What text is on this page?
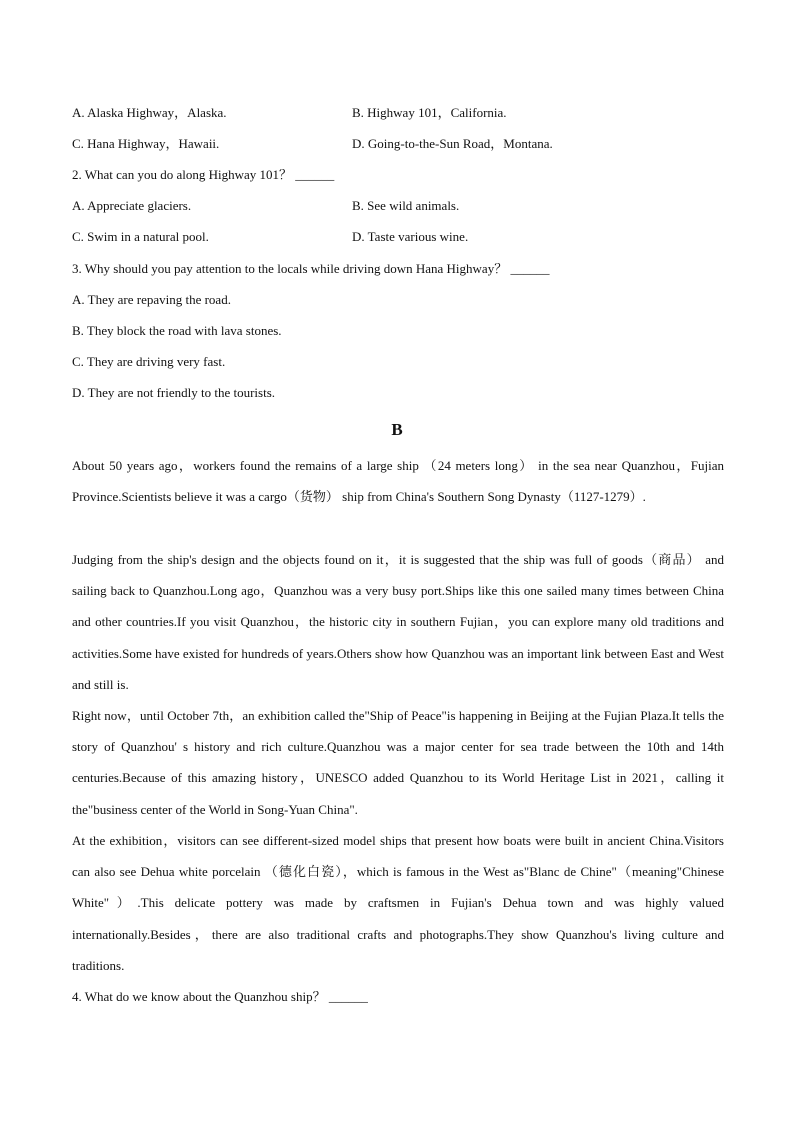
A. Alaska Highway，Alaska.	B. Highway 101，California.
C. Hana Highway，Hawaii.	D. Going-to-the-Sun Road，Montana.
2. What can you do along Highway 101？ ______
A. Appreciate glaciers.	B. See wild animals.
C. Swim in a natural pool.	D. Taste various wine.
3. Why should you pay attention to the locals while driving down Hana Highway？ ______
A. They are repaving the road.
B. They block the road with lava stones.
C. They are driving very fast.
D. They are not friendly to the tourists.
B
About 50 years ago，workers found the remains of a large ship （24 meters long） in the sea near Quanzhou，Fujian Province.Scientists believe it was a cargo（货物） ship from China's Southern Song Dynasty（1127-1279）.
Judging from the ship's design and the objects found on it，it is suggested that the ship was full of goods（商品） and sailing back to Quanzhou.Long ago，Quanzhou was a very busy port.Ships like this one sailed many times between China and other countries.If you visit Quanzhou，the historic city in southern Fujian，you can explore many old traditions and activities.Some have existed for hundreds of years.Others show how Quanzhou was an important link between East and West and still is.
Right now，until October 7th，an exhibition called the"Ship of Peace"is happening in Beijing at the Fujian Plaza.It tells the story of Quanzhou' s history and rich culture.Quanzhou was a major center for sea trade between the 10th and 14th centuries.Because of this amazing history，UNESCO added Quanzhou to its World Heritage List in 2021，calling it the"business center of the World in Song-Yuan China".
At the exhibition，visitors can see different-sized model ships that present how boats were built in ancient China.Visitors can also see Dehua white porcelain （德化白瓷），which is famous in the West as"Blanc de Chine"（meaning"Chinese White"）.This delicate pottery was made by craftsmen in Fujian's Dehua town and was highly valued internationally.Besides，there are also traditional crafts and photographs.They show Quanzhou's living culture and traditions.
4. What do we know about the Quanzhou ship？ ______
